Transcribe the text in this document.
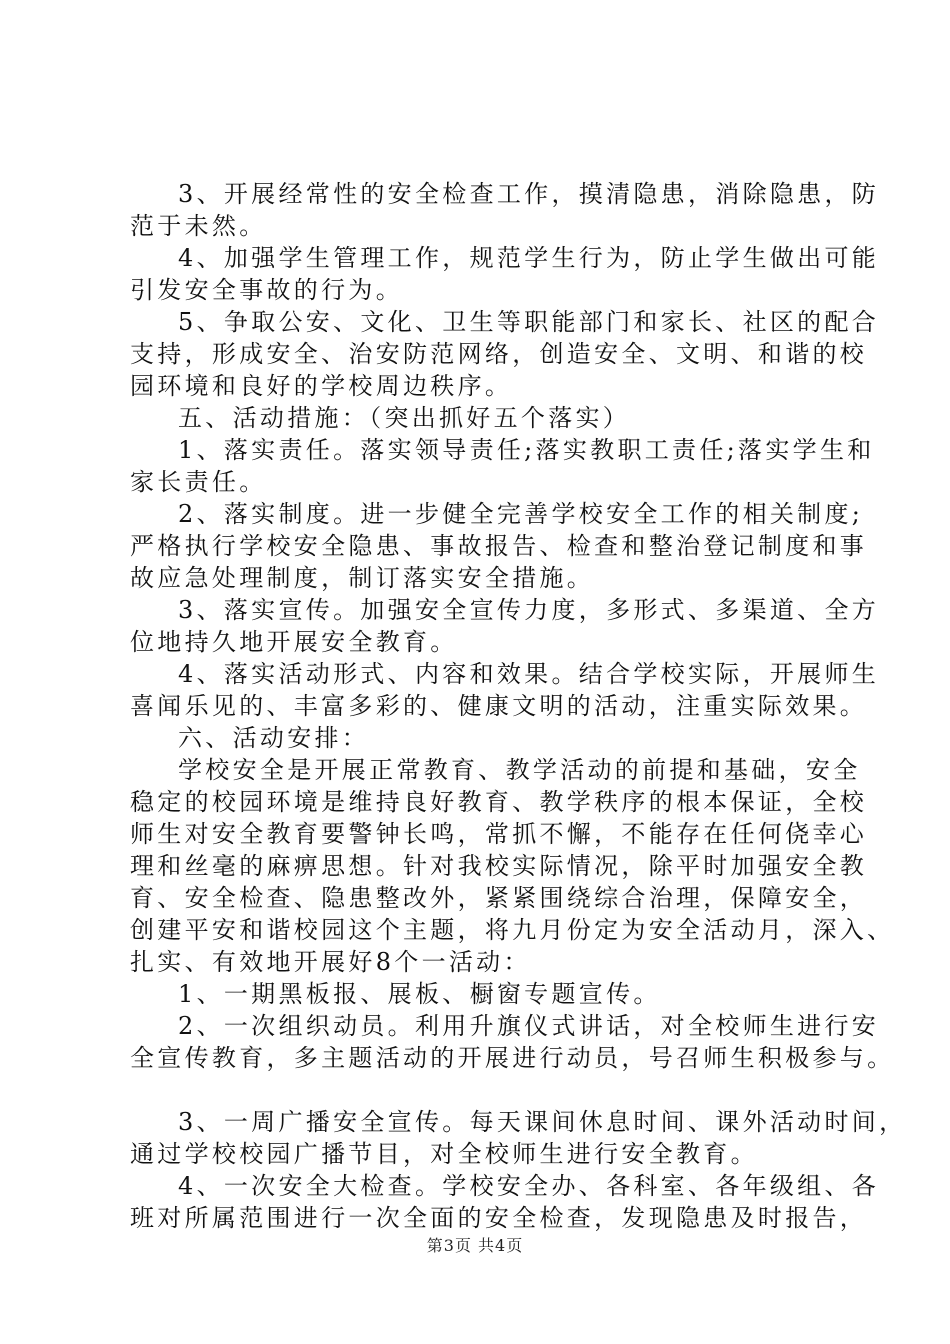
3、开展经常性的安全检查工作，摸清隐患，消除隐患，防
范于未然。
4、加强学生管理工作，规范学生行为，防止学生做出可能
引发安全事故的行为。
5、争取公安、文化、卫生等职能部门和家长、社区的配合
支持，形成安全、治安防范网络，创造安全、文明、和谐的校
园环境和良好的学校周边秩序。
五、活动措施：（突出抓好五个落实）
1、落实责任。落实领导责任;落实教职工责任;落实学生和
家长责任。
2、落实制度。进一步健全完善学校安全工作的相关制度;
严格执行学校安全隐患、事故报告、检查和整治登记制度和事
故应急处理制度，制订落实安全措施。
3、落实宣传。加强安全宣传力度，多形式、多渠道、全方
位地持久地开展安全教育。
4、落实活动形式、内容和效果。结合学校实际，开展师生
喜闻乐见的、丰富多彩的、健康文明的活动，注重实际效果。
六、活动安排：
学校安全是开展正常教育、教学活动的前提和基础，安全
稳定的校园环境是维持良好教育、教学秩序的根本保证，全校
师生对安全教育要警钟长鸣，常抓不懈，不能存在任何侥幸心
理和丝毫的麻痹思想。针对我校实际情况，除平时加强安全教
育、安全检查、隐患整改外，紧紧围绕综合治理，保障安全，
创建平安和谐校园这个主题，将九月份定为安全活动月，深入、
扎实、有效地开展好8个一活动：
1、一期黑板报、展板、橱窗专题宣传。
2、一次组织动员。利用升旗仪式讲话，对全校师生进行安
全宣传教育，多主题活动的开展进行动员，号召师生积极参与。
3、一周广播安全宣传。每天课间休息时间、课外活动时间，
通过学校校园广播节目，对全校师生进行安全教育。
4、一次安全大检查。学校安全办、各科室、各年级组、各
班对所属范围进行一次全面的安全检查，发现隐患及时报告，
第3页 共4页
